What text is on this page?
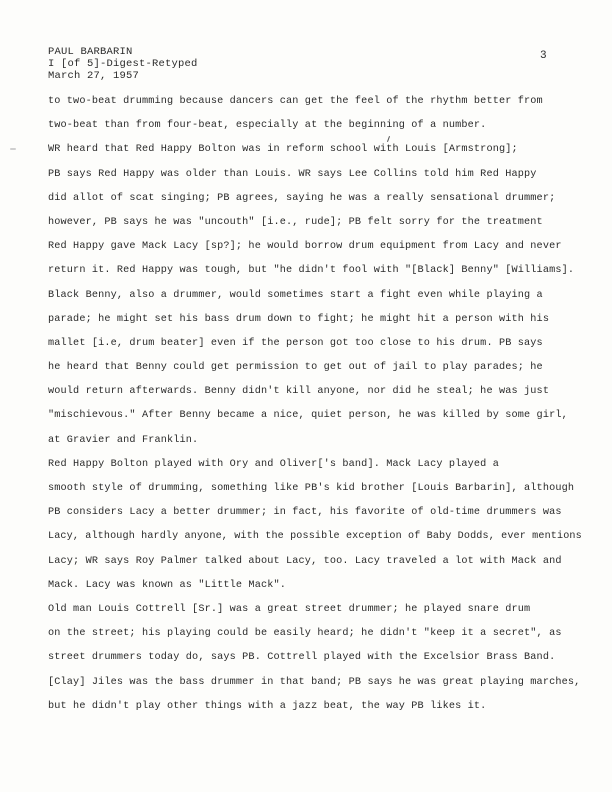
PAUL BARBARIN
I [of 5]-Digest-Retyped
March 27, 1957
3
to two-beat drumming because dancers can get the feel of the rhythm better from
two-beat than from four-beat, especially at the beginning of a number.
WR heard that Red Happy Bolton was in reform school with Louis [Armstrong];
PB says Red Happy was older than Louis. WR says Lee Collins told him Red Happy
did allot of scat singing; PB agrees, saying he was a really sensational drummer;
however, PB says he was "uncouth" [i.e., rude]; PB felt sorry for the treatment
Red Happy gave Mack Lacy [sp?]; he would borrow drum equipment from Lacy and never
return it. Red Happy was tough, but "he didn't fool with "[Black] Benny" [Williams].
Black Benny, also a drummer, would sometimes start a fight even while playing a
parade; he might set his bass drum down to fight; he might hit a person with his
mallet [i.e, drum beater] even if the person got too close to his drum. PB says
he heard that Benny could get permission to get out of jail to play parades; he
would return afterwards. Benny didn't kill anyone, nor did he steal; he was just
"mischievous." After Benny became a nice, quiet person, he was killed by some girl,
at Gravier and Franklin.
Red Happy Bolton played with Ory and Oliver['s band]. Mack Lacy played a
smooth style of drumming, something like PB's kid brother [Louis Barbarin], although
PB considers Lacy a better drummer; in fact, his favorite of old-time drummers was
Lacy, although hardly anyone, with the possible exception of Baby Dodds, ever mentions
Lacy; WR says Roy Palmer talked about Lacy, too. Lacy traveled a lot with Mack and
Mack. Lacy was known as "Little Mack".
Old man Louis Cottrell [Sr.] was a great street drummer; he played snare drum
on the street; his playing could be easily heard; he didn't "keep it a secret", as
street drummers today do, says PB. Cottrell played with the Excelsior Brass Band.
[Clay] Jiles was the bass drummer in that band; PB says he was great playing marches,
but he didn't play other things with a jazz beat, the way PB likes it.
